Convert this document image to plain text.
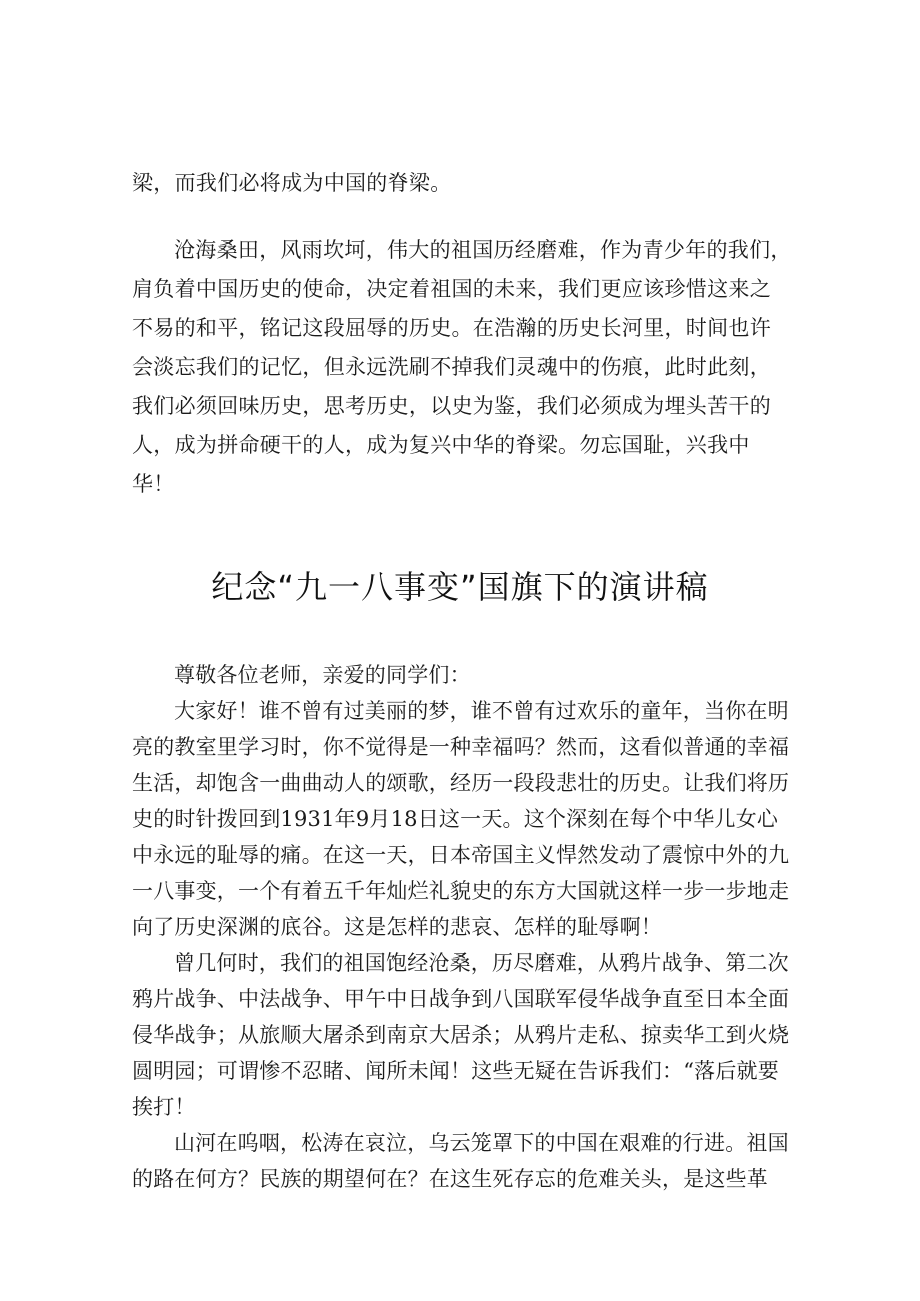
梁，而我们必将成为中国的脊梁。

沧海桑田，风雨坎坷，伟大的祖国历经磨难，作为青少年的我们，肩负着中国历史的使命，决定着祖国的未来，我们更应该珍惜这来之不易的和平，铭记这段屈辱的历史。在浩瀚的历史长河里，时间也许会淡忘我们的记忆，但永远洗刷不掉我们灵魂中的伤痕，此时此刻，我们必须回味历史，思考历史，以史为鉴，我们必须成为埋头苦干的人，成为拼命硬干的人，成为复兴中华的脊梁。勿忘国耻，兴我中华！

纪念“九一八事变”国旗下的演讲稿

尊敬各位老师，亲爱的同学们：

大家好！谁不曾有过美丽的梦，谁不曾有过欢乐的童年，当你在明亮的教室里学习时，你不觉得是一种幸福吗？然而，这看似普通的幸福生活，却饱含一曲曲动人的颂歌，经历一段段悲壮的历史。让我们将历史的时针拨回到1931年9月18日这一天。这个深刻在每个中华儿女心中永远的耻辱的痛。在这一天，日本帝国主义悍然发动了震惊中外的九一八事变，一个有着五千年灿烂礼貌史的东方大国就这样一步一步地走向了历史深渊的底谷。这是怎样的悲哀、怎样的耻辱啊！

曾几何时，我们的祖国饱经沧桑，历尽磨难，从鸦片战争、第二次鸦片战争、中法战争、甲午中日战争到八国联军侵华战争直至日本全面侵华战争；从旅顺大屠杀到南京大居杀；从鸦片走私、掠卖华工到火烧圆明园；可谓惨不忍睹、闻所未闻！这些无疑在告诉我们：“落后就要挨打！

山河在呜咽，松涛在哀泣，乌云笼罩下的中国在艰难的行进。祖国的路在何方？民族的期望何在？在这生死存忘的危难关头，是这些革
